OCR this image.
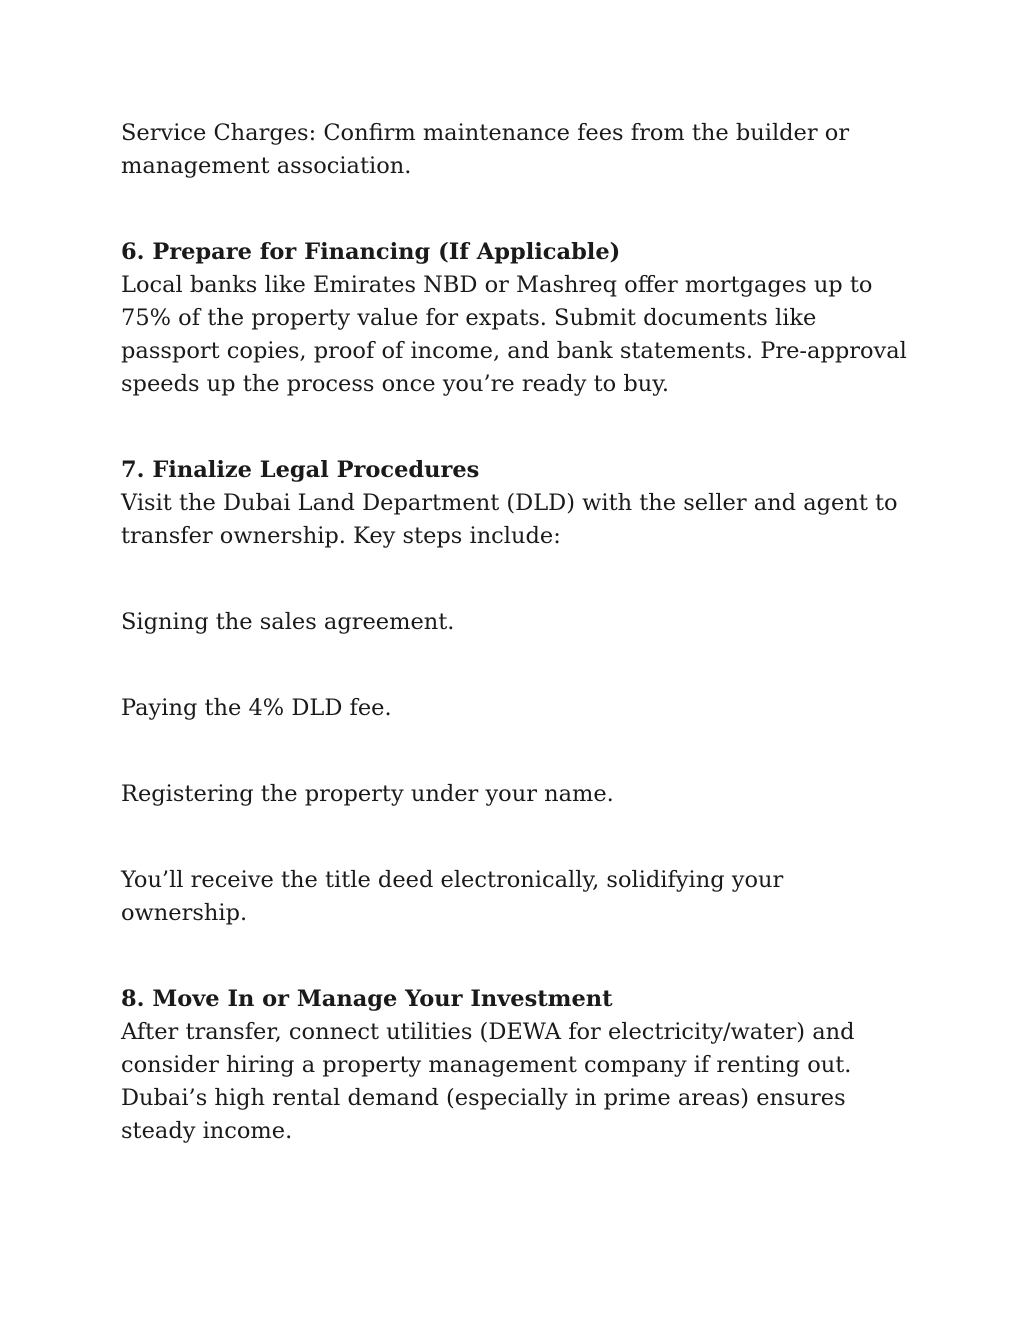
Service Charges: Confirm maintenance fees from the builder or management association.

6. Prepare for Financing (If Applicable)
Local banks like Emirates NBD or Mashreq offer mortgages up to 75% of the property value for expats. Submit documents like passport copies, proof of income, and bank statements. Pre-approval speeds up the process once you’re ready to buy.

7. Finalize Legal Procedures
Visit the Dubai Land Department (DLD) with the seller and agent to transfer ownership. Key steps include:

Signing the sales agreement.

Paying the 4% DLD fee.

Registering the property under your name.

You’ll receive the title deed electronically, solidifying your ownership.

8. Move In or Manage Your Investment
After transfer, connect utilities (DEWA for electricity/water) and consider hiring a property management company if renting out. Dubai’s high rental demand (especially in prime areas) ensures steady income.
